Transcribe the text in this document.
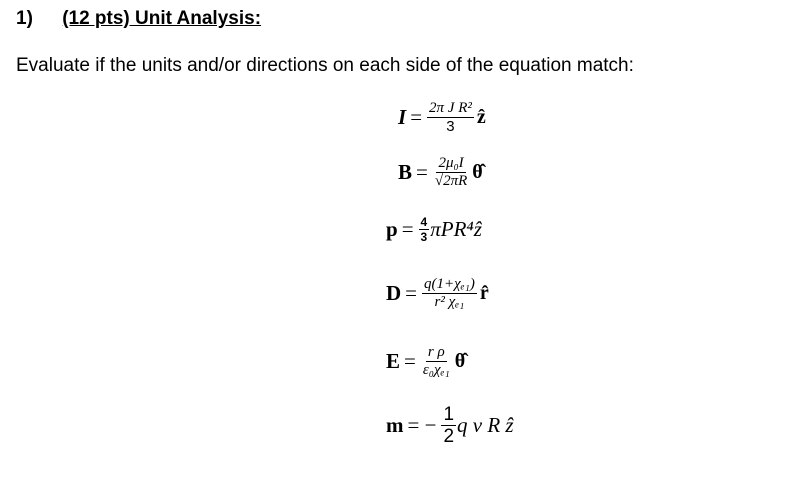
1) (12 pts) Unit Analysis:
Evaluate if the units and/or directions on each side of the equation match:
$I = \frac{\text{2π J R²}}{3}$ ẑ
$B = \frac{\text{2μ₀I}}{√2\pi R}$ θ̂
$p = \frac{4}{3}$ πPR⁴ẑ
$D = \frac{\text{q(1+χₑ₁)}}{\text{r² χₑ₁}}$ r̂
$E = \frac{\text{r ρ}}{\text{ε₀χₑ₁}}$ θ̂
m = − $\frac{1}{2}$ q v R ẑ
